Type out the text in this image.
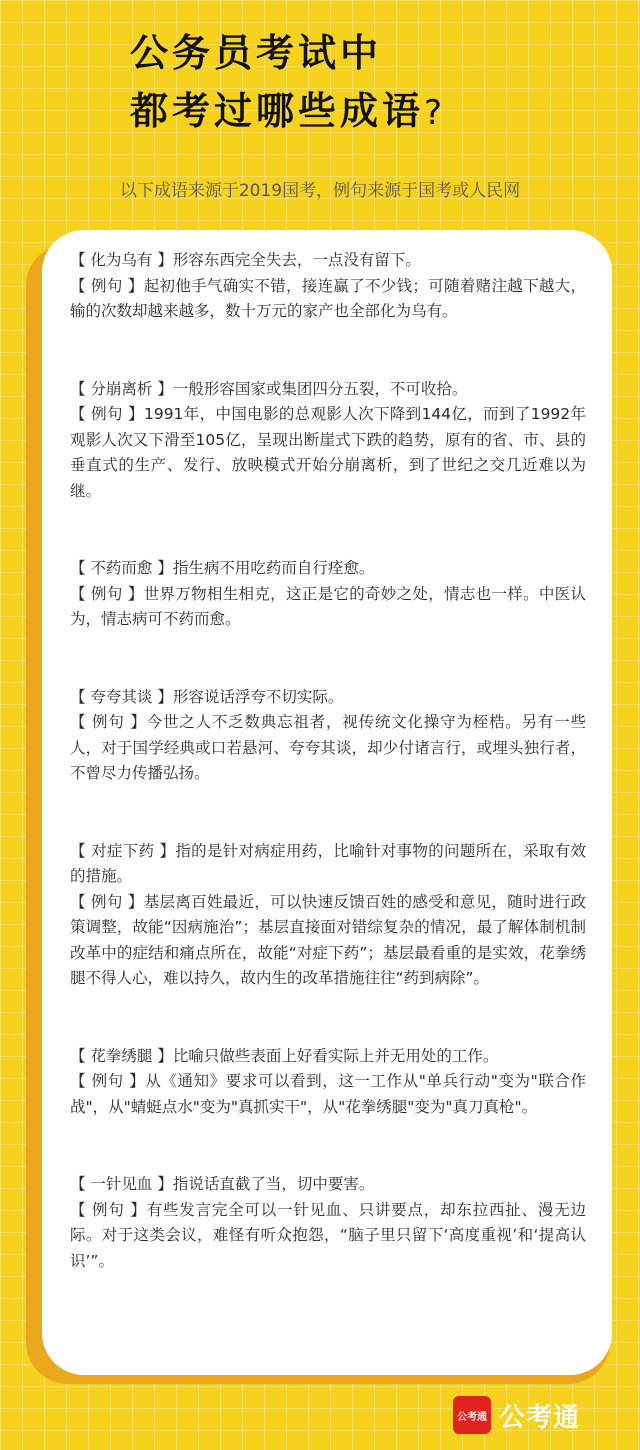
公务员考试中
都考过哪些成语?

以下成语来源于2019国考，例句来源于国考或人民网

【 化为乌有 】形容东西完全失去，一点没有留下。

【 例句 】起初他手气确实不错，接连赢了不少钱；可随着赌注越下越大，输的次数却越来越多，数十万元的家产也全部化为乌有。

【 分崩离析 】一般形容国家或集团四分五裂，不可收拾。

【 例句 】1991年，中国电影的总观影人次下降到144亿，而到了1992年观影人次又下滑至105亿，呈现出断崖式下跌的趋势，原有的省、市、县的垂直式的生产、发行、放映模式开始分崩离析，到了世纪之交几近难以为继。

【 不药而愈 】指生病不用吃药而自行痊愈。

【 例句 】世界万物相生相克，这正是它的奇妙之处，情志也一样。中医认为，情志病可不药而愈。

【 夸夸其谈 】形容说话浮夸不切实际。

【 例句 】今世之人不乏数典忘祖者，视传统文化操守为桎梏。另有一些人，对于国学经典或口若悬河、夸夸其谈，却少付诸言行，或埋头独行者，不曾尽力传播弘扬。

【 对症下药 】指的是针对病症用药，比喻针对事物的问题所在，采取有效的措施。

【 例句 】基层离百姓最近，可以快速反馈百姓的感受和意见，随时进行政策调整，故能“因病施治”；基层直接面对错综复杂的情况，最了解体制机制改革中的症结和痛点所在，故能“对症下药”；基层最看重的是实效，花拳绣腿不得人心，难以持久，故内生的改革措施往往“药到病除”。

【 花拳绣腿 】比喻只做些表面上好看实际上并无用处的工作。

【 例句 】从《通知》要求可以看到，这一工作从"单兵行动"变为"联合作战"，从"蜻蜓点水"变为"真抓实干"，从"花拳绣腿"变为"真刀真枪"。

【 一针见血 】指说话直截了当，切中要害。

【 例句 】有些发言完全可以一针见血、只讲要点，却东拉西扯、漫无边际。对于这类会议，难怪有听众抱怨，“脑子里只留下‘高度重视’和‘提高认识’”。

公考通 公考通
